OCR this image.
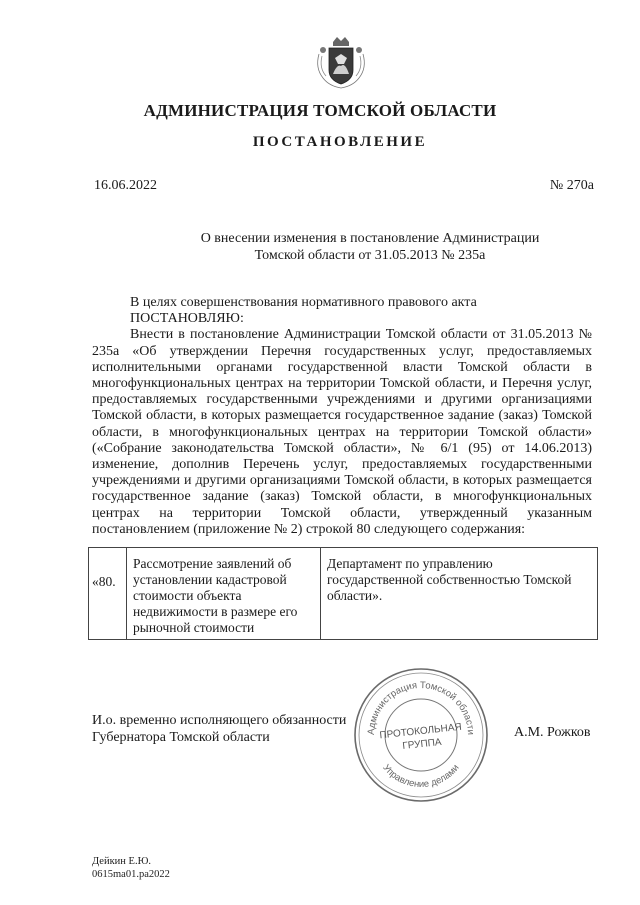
АДМИНИСТРАЦИЯ ТОМСКОЙ ОБЛАСТИ
ПОСТАНОВЛЕНИЕ
16.06.2022	№ 270а
О внесении изменения в постановление Администрации
Томской области от 31.05.2013 № 235а

В целях совершенствования нормативного правового акта

ПОСТАНОВЛЯЮ:

Внести в постановление Администрации Томской области от 31.05.2013 № 235а «Об утверждении Перечня государственных услуг, предоставляемых исполнительными органами государственной власти Томской области в многофункциональных центрах на территории Томской области, и Перечня услуг, предоставляемых государственными учреждениями и другими организациями Томской области, в которых размещается государственное задание (заказ) Томской области, в многофункциональных центрах на территории Томской области» («Собрание законодательства Томской области», № 6/1 (95) от 14.06.2013) изменение, дополнив Перечень услуг, предоставляемых государственными учреждениями и другими организациями Томской области, в которых размещается государственное задание (заказ) Томской области, в многофункциональных центрах на территории Томской области, утвержденный указанным постановлением (приложение № 2) строкой 80 следующего содержания:

«80.
Рассмотрение заявлений об установлении кадастровой стоимости объекта недвижимости в размере его рыночной стоимости
Департамент по управлению государственной собственностью Томской области».
И.о. временно исполняющего обязанности
Губернатора Томской области	А.М. Рожков
Администрация Томской области
Управление делами
ПРОТОКОЛЬНАЯ
ГРУППА
Дейкин Е.Ю.
0615ma01.ра2022
